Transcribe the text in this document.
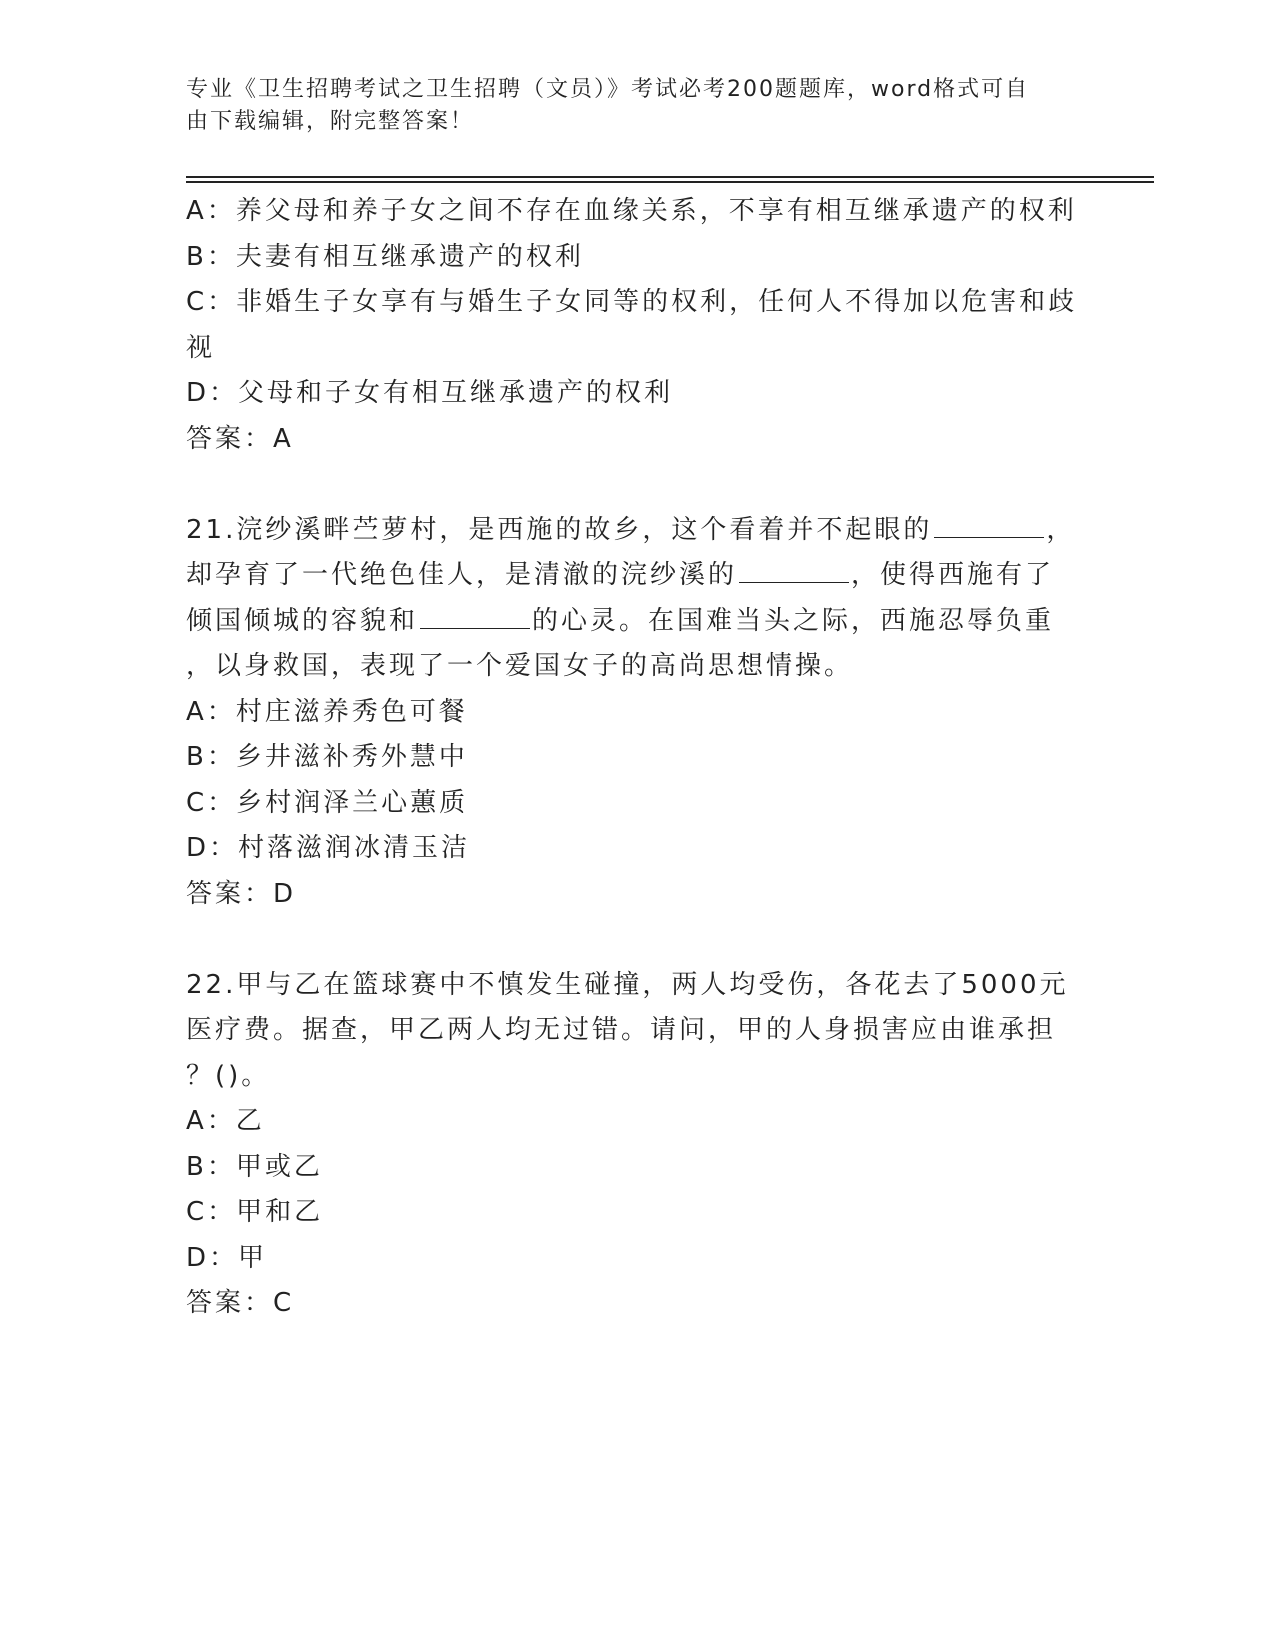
专业《卫生招聘考试之卫生招聘（文员）》考试必考200题题库，word格式可自
由下载编辑，附完整答案！
A：养父母和养子女之间不存在血缘关系，不享有相互继承遗产的权利
B：夫妻有相互继承遗产的权利
C：非婚生子女享有与婚生子女同等的权利，任何人不得加以危害和歧
视
D：父母和子女有相互继承遗产的权利
答案：A
21.浣纱溪畔苎萝村，是西施的故乡，这个看着并不起眼的	，
却孕育了一代绝色佳人，是清澈的浣纱溪的	，使得西施有了
倾国倾城的容貌和	的心灵。在国难当头之际，西施忍辱负重
，以身救国，表现了一个爱国女子的高尚思想情操。
A：村庄滋养秀色可餐
B：乡井滋补秀外慧中
C：乡村润泽兰心蕙质
D：村落滋润冰清玉洁
答案：D
22.甲与乙在篮球赛中不慎发生碰撞，两人均受伤，各花去了5000元
医疗费。据查，甲乙两人均无过错。请问，甲的人身损害应由谁承担
？()。
A：乙
B：甲或乙
C：甲和乙
D：甲
答案：C
